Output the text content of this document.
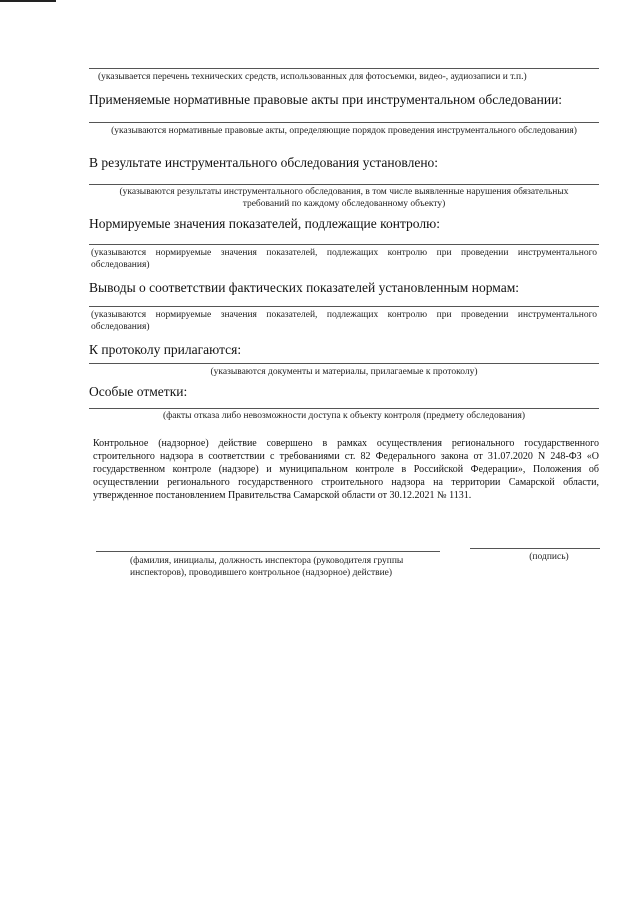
(указывается перечень технических средств, использованных для фотосъемки, видео-, аудиозаписи и т.п.)
Применяемые нормативные правовые акты при инструментальном обследовании:
(указываются нормативные правовые акты, определяющие порядок проведения инструментального обследования)
В результате инструментального обследования установлено:
(указываются результаты инструментального обследования, в том числе выявленные нарушения обязательных требований по каждому обследованному объекту)
Нормируемые значения показателей, подлежащие контролю:
(указываются нормируемые значения показателей, подлежащих контролю при проведении инструментального обследования)
Выводы о соответствии фактических показателей установленным нормам:
(указываются нормируемые значения показателей, подлежащих контролю при проведении инструментального обследования)
К протоколу прилагаются:
(указываются документы и материалы, прилагаемые к протоколу)
Особые отметки:
(факты отказа либо невозможности доступа к объекту контроля (предмету обследования)
Контрольное (надзорное) действие совершено в рамках осуществления регионального государственного строительного надзора в соответствии с требованиями ст. 82 Федерального закона от 31.07.2020 N 248-ФЗ «О государственном контроле (надзоре) и муниципальном контроле в Российской Федерации», Положения об осуществлении регионального государственного строительного надзора на территории Самарской области, утвержденное постановлением Правительства Самарской области от 30.12.2021 № 1131.
(фамилия, инициалы, должность инспектора (руководителя группы инспекторов), проводившего контрольное (надзорное) действие)
(подпись)
